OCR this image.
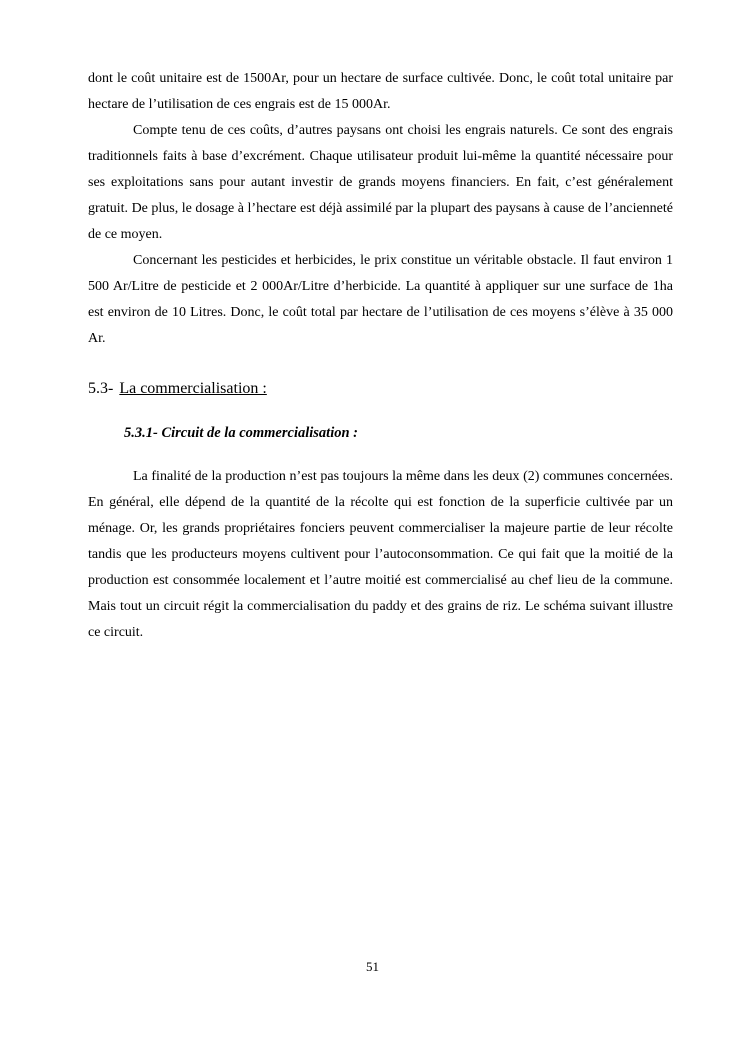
dont le coût unitaire est de 1500Ar, pour un hectare de surface cultivée. Donc, le coût total unitaire par hectare de l’utilisation de ces engrais est de 15 000Ar.

Compte tenu de ces coûts, d’autres paysans ont choisi les engrais naturels. Ce sont des engrais traditionnels faits à base d’excrément. Chaque utilisateur produit lui-même la quantité nécessaire pour ses exploitations sans pour autant investir de grands moyens financiers. En fait, c’est généralement gratuit. De plus, le dosage à l’hectare est déjà assimilé par la plupart des paysans à cause de l’ancienneté de ce moyen.

Concernant les pesticides et herbicides, le prix constitue un véritable obstacle. Il faut environ 1 500 Ar/Litre de pesticide et 2 000Ar/Litre d’herbicide. La quantité à appliquer sur une surface de 1ha est environ de 10 Litres. Donc, le coût total par hectare de l’utilisation de ces moyens s’élève à 35 000 Ar.

5.3- La commercialisation :
5.3.1- Circuit de la commercialisation :

La finalité de la production n’est pas toujours la même dans les deux (2) communes concernées. En général, elle dépend de la quantité de la récolte qui est fonction de la superficie cultivée par un ménage. Or, les grands propriétaires fonciers peuvent commercialiser la majeure partie de leur récolte tandis que les producteurs moyens cultivent pour l’autoconsommation. Ce qui fait que la moitié de la production est consommée localement et l’autre moitié est commercialisé au chef lieu de la commune. Mais tout un circuit régit la commercialisation du paddy et des grains de riz. Le schéma suivant illustre ce circuit.

51
